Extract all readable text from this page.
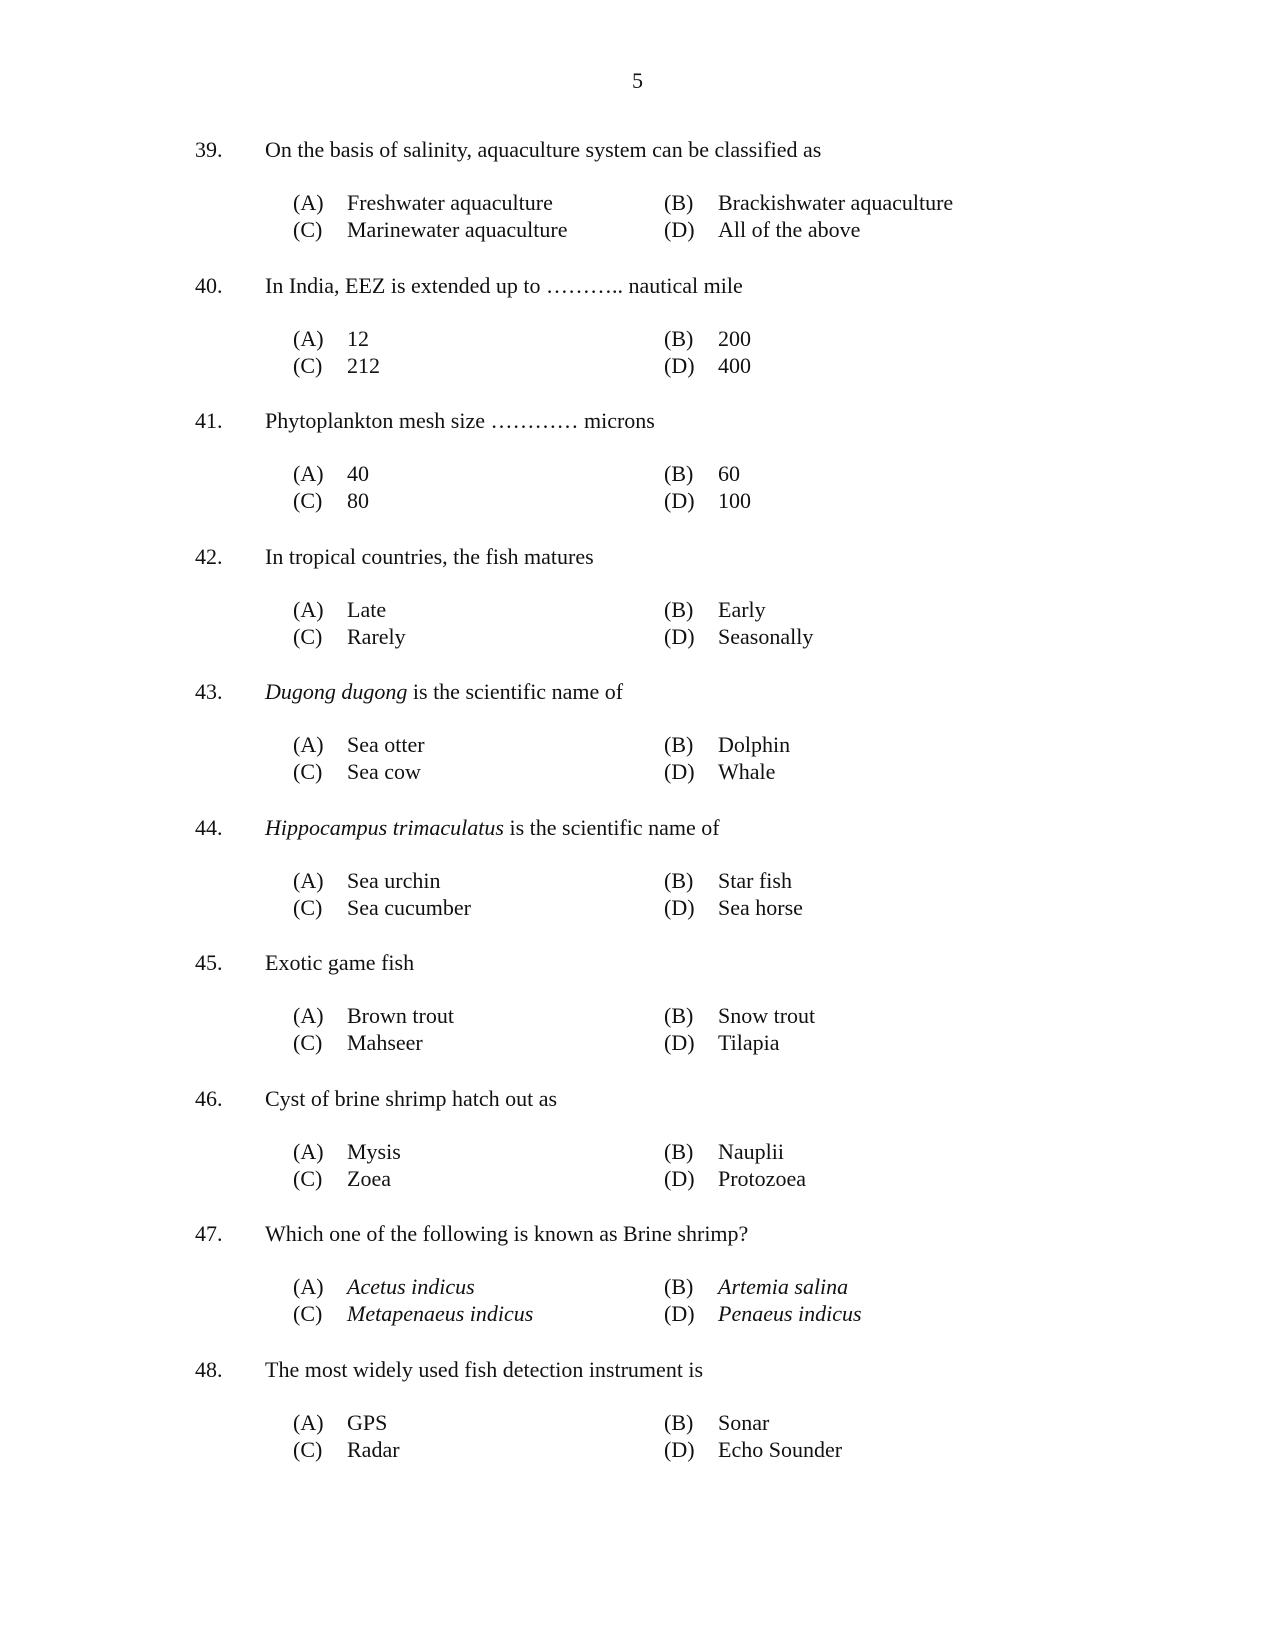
5
39. On the basis of salinity, aquaculture system can be classified as
(A) Freshwater aquaculture	(B) Brackishwater aquaculture
(C) Marinewater aquaculture	(D) All of the above
40. In India, EEZ is extended up to ……….. nautical mile
(A) 12	(B) 200
(C) 212	(D) 400
41. Phytoplankton mesh size ………… microns
(A) 40	(B) 60
(C) 80	(D) 100
42. In tropical countries, the fish matures
(A) Late	(B) Early
(C) Rarely	(D) Seasonally
43. Dugong dugong is the scientific name of
(A) Sea otter	(B) Dolphin
(C) Sea cow	(D) Whale
44. Hippocampus trimaculatus is the scientific name of
(A) Sea urchin	(B) Star fish
(C) Sea cucumber	(D) Sea horse
45. Exotic game fish
(A) Brown trout	(B) Snow trout
(C) Mahseer	(D) Tilapia
46. Cyst of brine shrimp hatch out as
(A) Mysis	(B) Nauplii
(C) Zoea	(D) Protozoea
47. Which one of the following is known as Brine shrimp?
(A) Acetus indicus	(B) Artemia salina
(C) Metapenaeus indicus	(D) Penaeus indicus
48. The most widely used fish detection instrument is
(A) GPS	(B) Sonar
(C) Radar	(D) Echo Sounder
